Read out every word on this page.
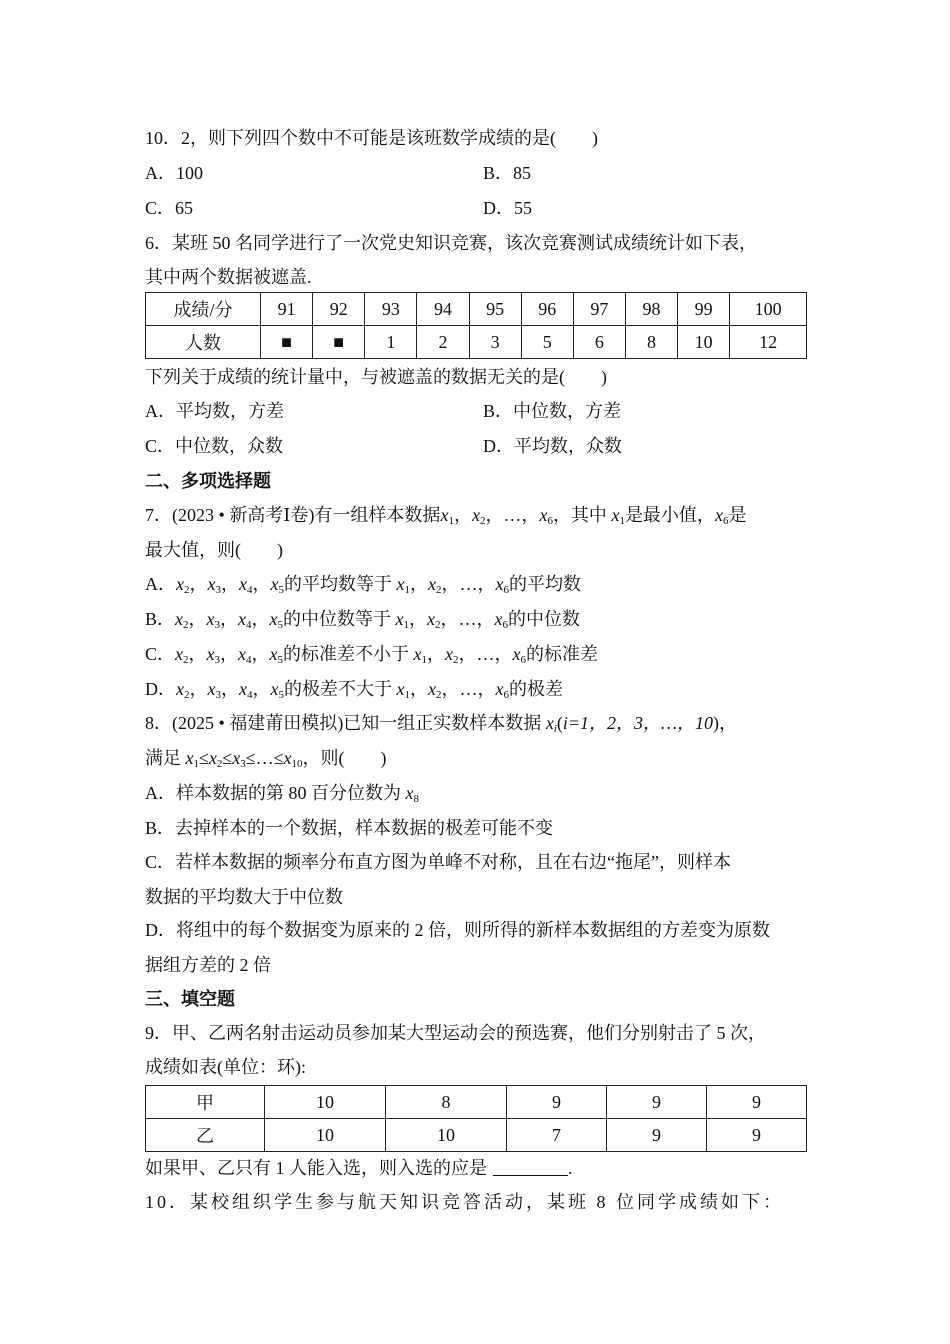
10．2，则下列四个数中不可能是该班数学成绩的是(　　)
A．100	B．85
C．65	D．55
6．某班 50 名同学进行了一次党史知识竞赛，该次竞赛测试成绩统计如下表，
其中两个数据被遮盖.
成绩/分	91	92	93	94	95	96	97	98	99	100
人数	■	■	1	2	3	5	6	8	10	12
下列关于成绩的统计量中，与被遮盖的数据无关的是(　　)
A．平均数，方差	B．中位数，方差
C．中位数，众数	D．平均数，众数
二、多项选择题
7．(2023 • 新高考Ⅰ卷)有一组样本数据$x_1$，$x_2$，…，$x_6$，其中 $x_1$是最小值，$x_6$是
最大值，则(　　)
A．$x_2$，$x_3$，$x_4$，$x_5$的平均数等于 $x_1$，$x_2$，…，$x_6$的平均数
B．$x_2$，$x_3$，$x_4$，$x_5$的中位数等于 $x_1$，$x_2$，…，$x_6$的中位数
C．$x_2$，$x_3$，$x_4$，$x_5$的标准差不小于 $x_1$，$x_2$，…，$x_6$的标准差
D．$x_2$，$x_3$，$x_4$，$x_5$的极差不大于 $x_1$，$x_2$，…，$x_6$的极差
8．(2025 • 福建莆田模拟)已知一组正实数样本数据 $x_i(i=1$，2，3，…，10)，
满足 $x_1\le x_2\le x_3\le\dots\le x_{10}$，则(　　)
A．样本数据的第 80 百分位数为 $x_8$
B．去掉样本的一个数据，样本数据的极差可能不变
C．若样本数据的频率分布直方图为单峰不对称，且在右边“拖尾”，则样本
数据的平均数大于中位数
D．将组中的每个数据变为原来的 2 倍，则所得的新样本数据组的方差变为原数
据组方差的 2 倍
三、填空题
9．甲、乙两名射击运动员参加某大型运动会的预选赛，他们分别射击了 5 次，
成绩如表(单位：环):
甲	10	8	9	9	9
乙	10	10	7	9	9
如果甲、乙只有 1 人能入选，则入选的应是	.
10．某校组织学生参与航天知识竞答活动，某班 8 位同学成绩如下：
